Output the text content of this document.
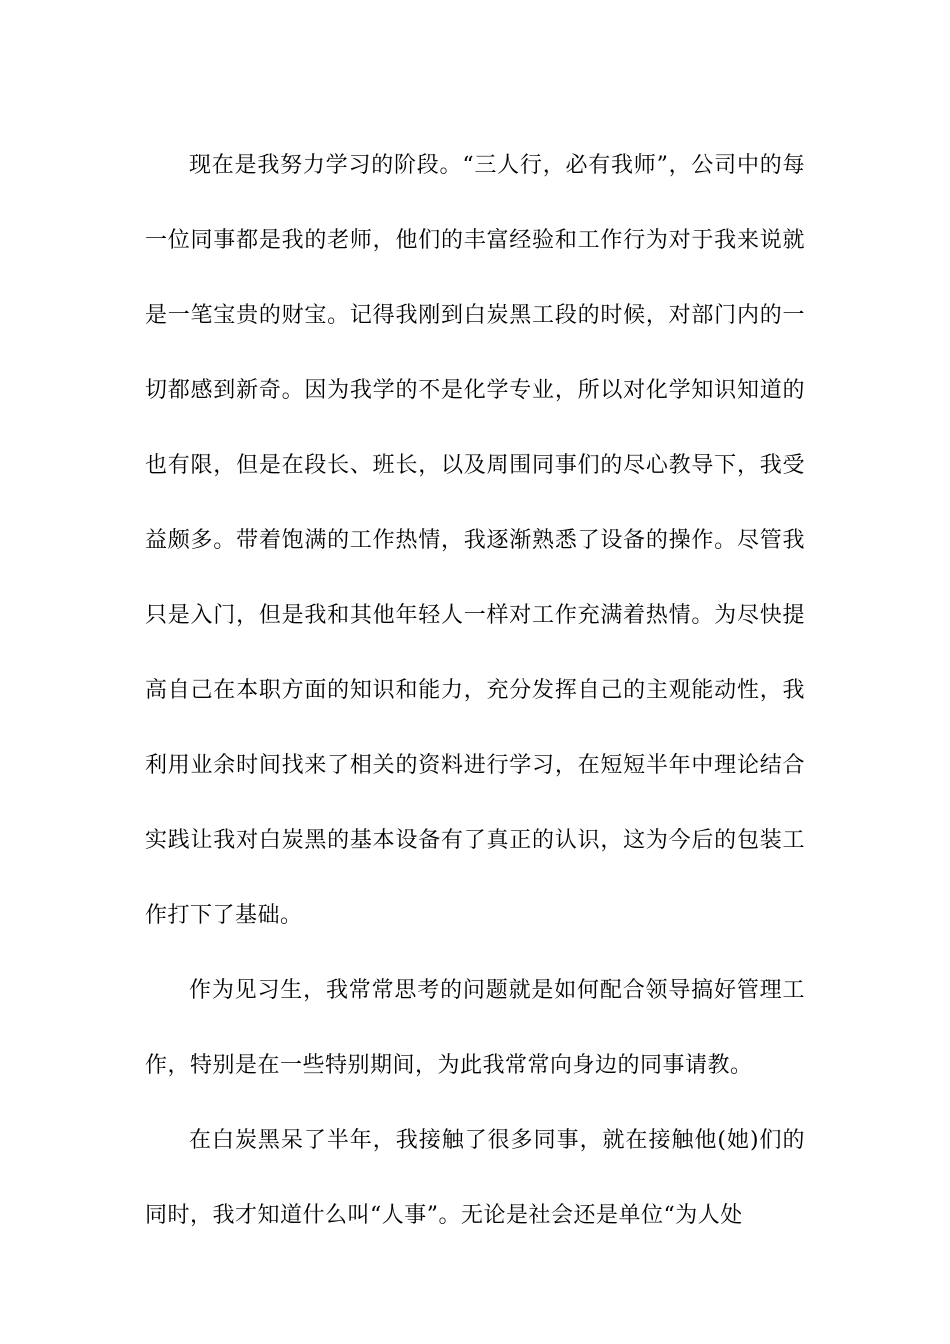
现在是我努力学习的阶段。“三人行，必有我师”，公司中的每一位同事都是我的老师，他们的丰富经验和工作行为对于我来说就是一笔宝贵的财宝。记得我刚到白炭黑工段的时候，对部门内的一切都感到新奇。因为我学的不是化学专业，所以对化学知识知道的也有限，但是在段长、班长，以及周围同事们的尽心教导下，我受益颇多。带着饱满的工作热情，我逐渐熟悉了设备的操作。尽管我只是入门，但是我和其他年轻人一样对工作充满着热情。为尽快提高自己在本职方面的知识和能力，充分发挥自己的主观能动性，我利用业余时间找来了相关的资料进行学习，在短短半年中理论结合实践让我对白炭黑的基本设备有了真正的认识，这为今后的包装工作打下了基础。

作为见习生，我常常思考的问题就是如何配合领导搞好管理工作，特别是在一些特别期间，为此我常常向身边的同事请教。

在白炭黑呆了半年，我接触了很多同事，就在接触他(她)们的同时，我才知道什么叫“人事”。无论是社会还是单位“为人处
